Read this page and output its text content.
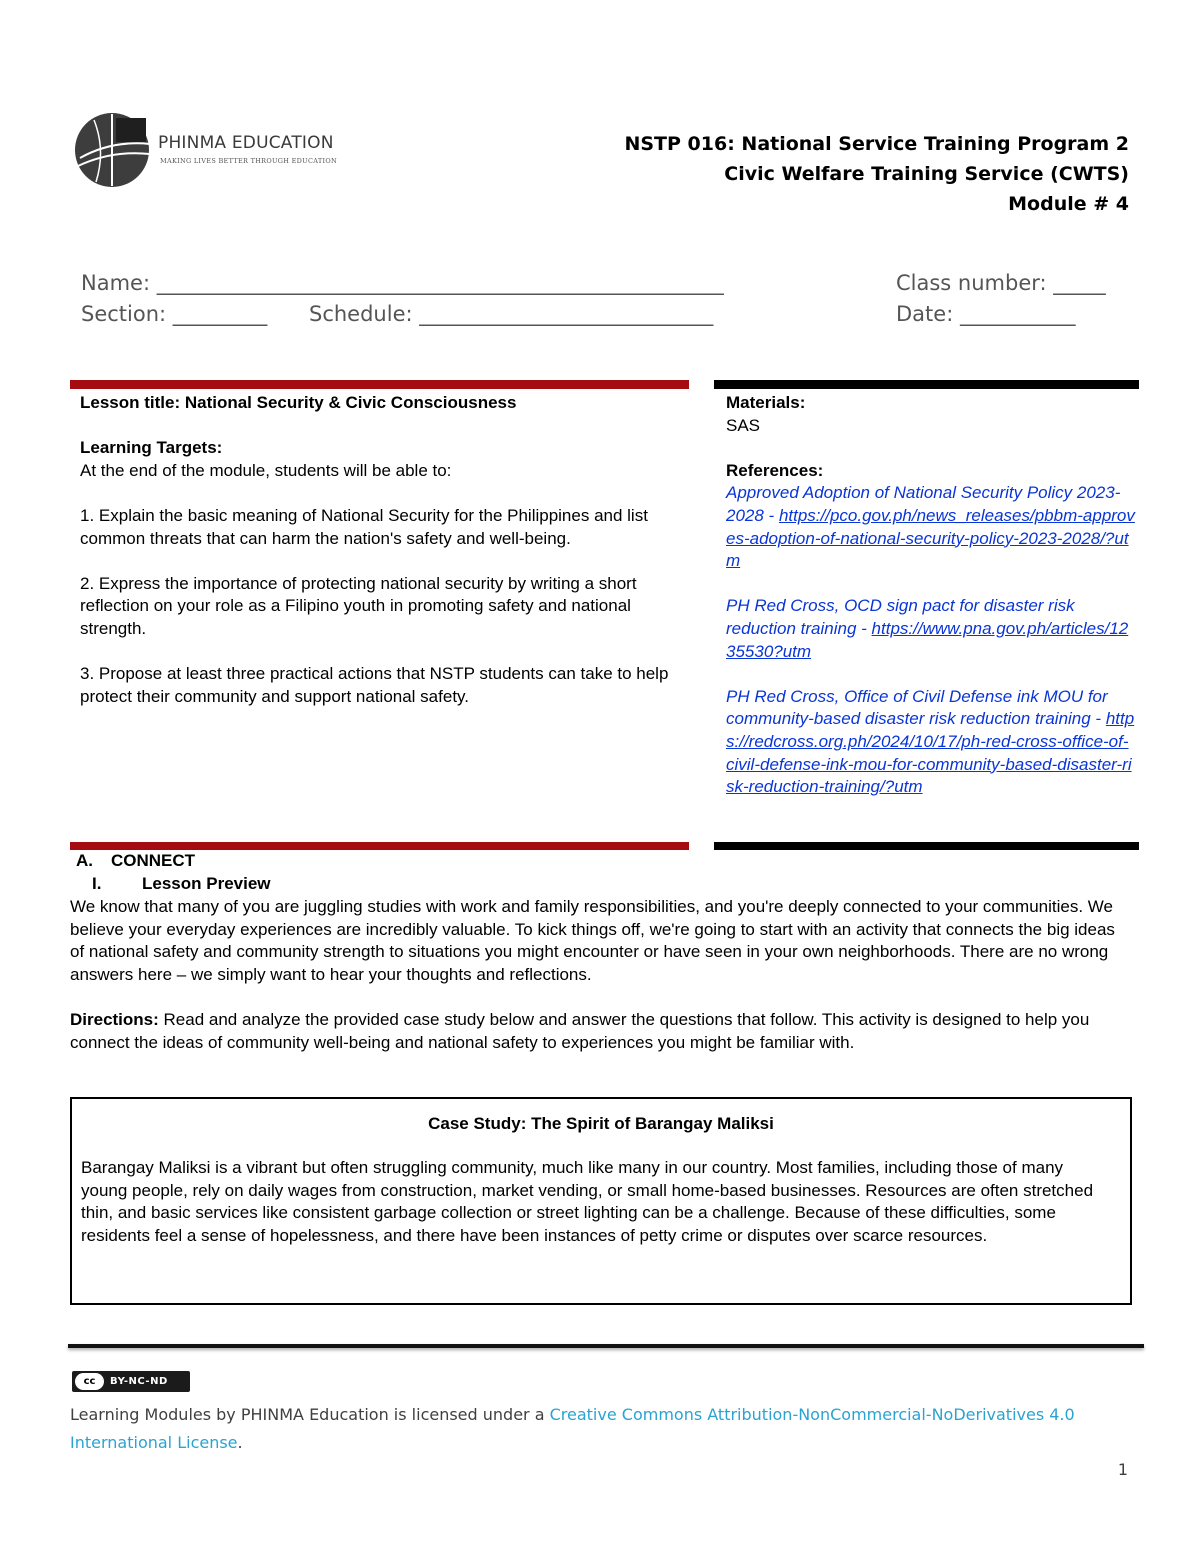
PHINMA EDUCATION
MAKING LIVES BETTER THROUGH EDUCATION
NSTP 016: National Service Training Program 2
Civic Welfare Training Service (CWTS)
Module # 4
Name: ______________________________________________________	Class number: _____
Section: _________ Schedule: ____________________________	Date: ___________

Lesson title: National Security & Civic Consciousness

Learning Targets:

At the end of the module, students will be able to:

1. Explain the basic meaning of National Security for the Philippines and list common threats that can harm the nation's safety and well-being.

2. Express the importance of protecting national security by writing a short reflection on your role as a Filipino youth in promoting safety and national strength.

3. Propose at least three practical actions that NSTP students can take to help protect their community and support national safety.

Materials:

SAS

References:

Approved Adoption of National Security Policy 2023-2028 - https://pco.gov.ph/news_releases/pbbm-approves-adoption-of-national-security-policy-2023-2028/?utm

PH Red Cross, OCD sign pact for disaster risk reduction training - https://www.pna.gov.ph/articles/1235530?utm

PH Red Cross, Office of Civil Defense ink MOU for community-based disaster risk reduction training - https://redcross.org.ph/2024/10/17/ph-red-cross-office-of-civil-defense-ink-mou-for-community-based-disaster-risk-reduction-training/?utm

A. CONNECT
I. Lesson Preview

We know that many of you are juggling studies with work and family responsibilities, and you're deeply connected to your communities. We believe your everyday experiences are incredibly valuable. To kick things off, we're going to start with an activity that connects the big ideas of national safety and community strength to situations you might encounter or have seen in your own neighborhoods. There are no wrong answers here – we simply want to hear your thoughts and reflections.

Directions: Read and analyze the provided case study below and answer the questions that follow. This activity is designed to help you connect the ideas of community well-being and national safety to experiences you might be familiar with.

Case Study: The Spirit of Barangay Maliksi
Barangay Maliksi is a vibrant but often struggling community, much like many in our country. Most families, including those of many young people, rely on daily wages from construction, market vending, or small home-based businesses. Resources are often stretched thin, and basic services like consistent garbage collection or street lighting can be a challenge. Because of these difficulties, some residents feel a sense of hopelessness, and there have been instances of petty crime or disputes over scarce resources.
cc	BY-NC-ND
Learning Modules by PHINMA Education is licensed under a Creative Commons Attribution-NonCommercial-NoDerivatives 4.0 International License.
1
